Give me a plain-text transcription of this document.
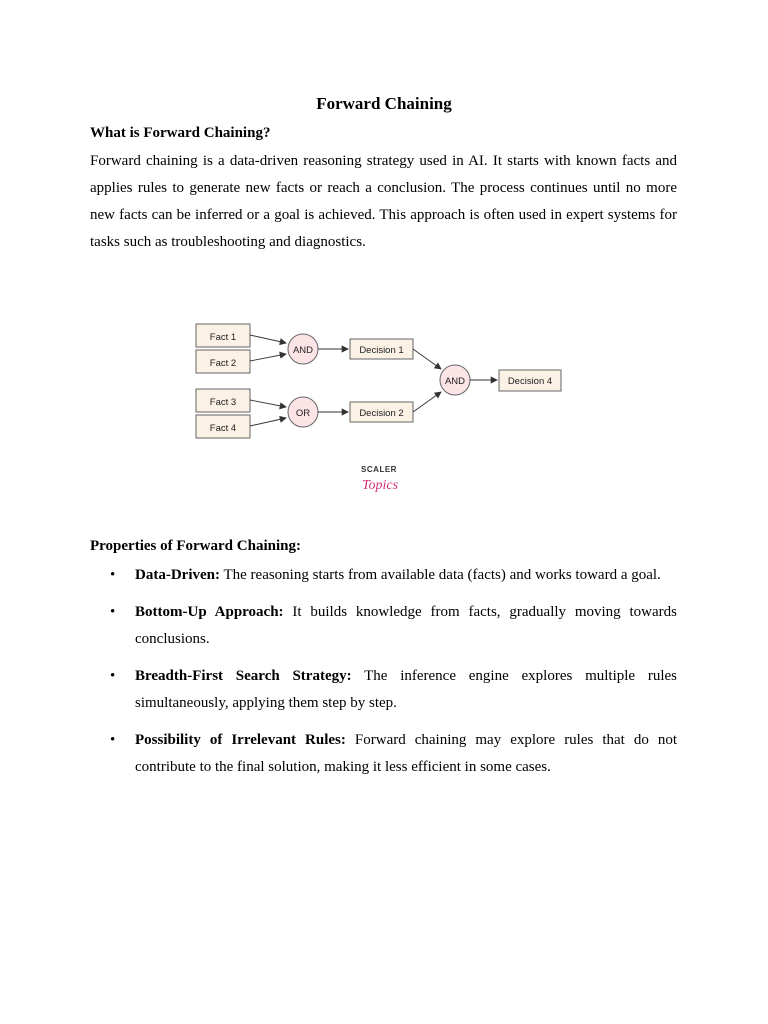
Forward Chaining
What is Forward Chaining?

Forward chaining is a data-driven reasoning strategy used in AI. It starts with known facts and applies rules to generate new facts or reach a conclusion. The process continues until no more new facts can be inferred or a goal is achieved. This approach is often used in expert systems for tasks such as troubleshooting and diagnostics.

Fact 1
Fact 2
Fact 3
Fact 4
AND
OR
AND
Decision 1
Decision 2
Decision 4
SCALER
Topics
Properties of Forward Chaining:
• Data-Driven: The reasoning starts from available data (facts) and works toward a goal.
• Bottom-Up Approach: It builds knowledge from facts, gradually moving towards conclusions.
• Breadth-First Search Strategy: The inference engine explores multiple rules simultaneously, applying them step by step.
• Possibility of Irrelevant Rules: Forward chaining may explore rules that do not contribute to the final solution, making it less efficient in some cases.
